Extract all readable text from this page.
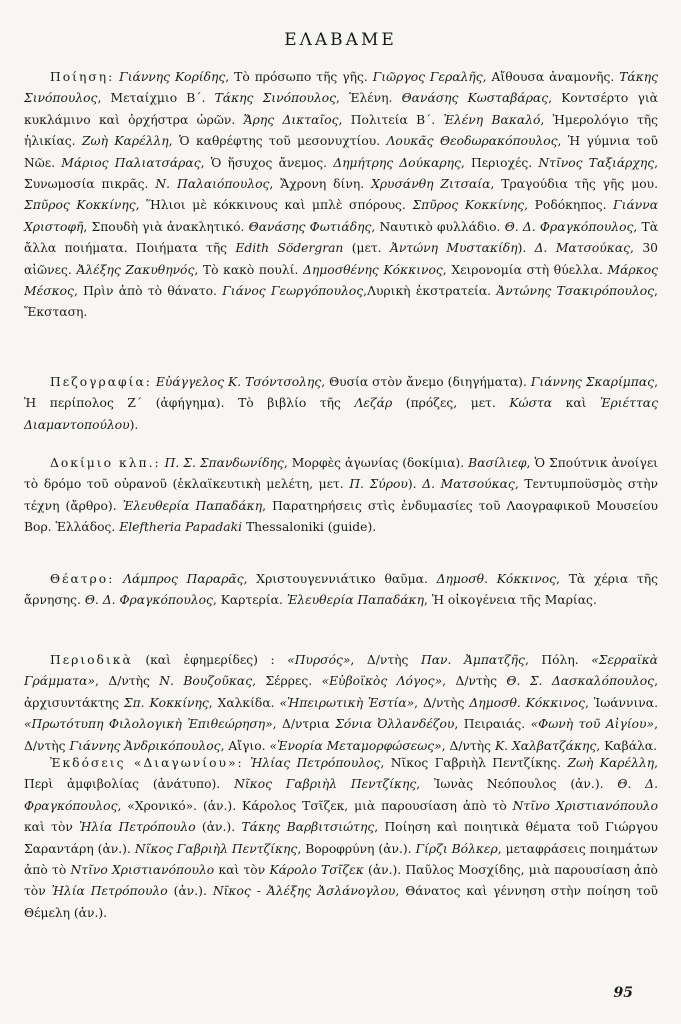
ΕΛΑΒΑΜΕ
Ποίηση: Γιάννης Κορίδης, Τὸ πρόσωπο τῆς γῆς. Γιῶργος Γεραλῆς, Αἴθουσα ἀναμονῆς. Τάκης Σινόπουλος, Μεταίχμιο Β΄. Τάκης Σινόπουλος, Ἑλένη. Θανάσης Κωσταβάρας, Κοντσέρτο γιὰ κυκλάμινο καὶ ὀρχήστρα ὡρῶν. Ἄρης Δικταῖος, Πολιτεία Β΄. Ἑλένη Βακαλό, Ἡμερολόγιο τῆς ἡλικίας. Ζωὴ Καρέλλη, Ὁ καθρέφτης τοῦ μεσονυχτίου. Λουκᾶς Θεοδωρακόπουλος, Ἡ γύμνια τοῦ Νῶε. Μάριος Παλιατσάρας, Ὁ ἥσυχος ἄνεμος. Δημήτρης Δούκαρης, Περιοχές. Ντῖνος Ταξιάρχης, Συνωμοσία πικρᾶς. Ν. Παλαιόπουλος, Ἄχρονη δίνη. Χρυσάνθη Ζιτσαία, Τραγούδια τῆς γῆς μου. Σπῦρος Κοκκίνης, Ἥλιοι μὲ κόκκινους καὶ μπλὲ σπόρους. Σπῦρος Κοκκίνης, Ροδόκηπος. Γιάννα Χριστοφῆ, Σπουδὴ γιὰ ἀνακλητικό. Θανάσης Φωτιάδης, Ναυτικὸ φυλλάδιο. Θ. Δ. Φραγκόπουλος, Τὰ ἄλλα ποιήματα. Ποιήματα τῆς Edith Södergran (μετ. Ἀντώνη Μυστακίδη). Δ. Ματσούκας, 30 αἰῶνες. Ἀλέξης Ζακυθηνός, Τὸ κακὸ πουλί. Δημοσθένης Κόκκινος, Χειρονομία στὴ θύελλα. Μάρκος Μέσκος, Πρὶν ἀπὸ τὸ θάνατο. Γιάνος Γεωργόπουλος,Λυρικὴ ἐκστρατεία. Ἀντώνης Τσακιρόπουλος, Ἔκσταση.
Πεζογραφία: Εὐάγγελος Κ. Τσόντσολης, Θυσία στὸν ἄνεμο (διηγήματα). Γιάννης Σκαρίμπας, Ἡ περίπολος Ζ΄ (ἀφήγημα). Τὸ βιβλίο τῆς Λεζάρ (πρόζες, μετ. Κώστα καὶ Ἐριέττας Διαμαντοπούλου).
Δοκίμιο κλπ.: Π. Σ. Σπανδωνίδης, Μορφὲς ἀγωνίας (δοκίμια). Βασίλιεφ, Ὁ Σπούτνικ ἀνοίγει τὸ δρόμο τοῦ οὐρανοῦ (ἐκλαϊκευτικὴ μελέτη, μετ. Π. Σύρου). Δ. Ματσούκας, Τεντυμποϋσμὸς στὴν τέχνη (ἄρθρο). Ἐλευθερία Παπαδάκη, Παρατηρήσεις στὶς ἐνδυμασίες τοῦ Λαογραφικοῦ Μουσείου Βορ. Ἑλλάδος. Eleftheria Papadaki Thessaloniki (guide).
Θέατρο: Λάμπρος Παραρᾶς, Χριστουγεννιάτικο θαῦμα. Δημοσθ. Κόκκινος, Τὰ χέρια τῆς ἄρνησης. Θ. Δ. Φραγκόπουλος, Καρτερία. Ἐλευθερία Παπαδάκη, Ἡ οἰκογένεια τῆς Μαρίας.
Περιοδικὰ (καὶ ἐφημερίδες) : «Πυρσός», Δ/ντὴς Παν. Ἀμπατζῆς, Πόλη. «Σερραϊκὰ Γράμματα», Δ/ντὴς Ν. Βουζοῦκας, Σέρρες. «Εὐβοϊκὸς Λόγος», Δ/ντὴς Θ. Σ. Δασκαλόπουλος, ἀρχισυντάκτης Σπ. Κοκκίνης, Χαλκίδα. «Ἠπειρωτικὴ Ἑστία», Δ/ντὴς Δημοσθ. Κόκκινος, Ἰωάννινα. «Πρωτότυπη Φιλολογικὴ Ἐπιθεώρηση», Δ/ντρια Σόνια Ὀλλανδέζου, Πειραιάς. «Φωνὴ τοῦ Αἰγίου», Δ/ντὴς Γιάννης Ἀνδρικόπουλος, Αἴγιο. «Ἐνορία Μεταμορφώσεως», Δ/ντὴς Κ. Χαλβατζάκης, Καβάλα.
Ἐκδόσεις «Διαγωνίου»: Ἠλίας Πετρόπουλος, Νῖκος Γαβριὴλ Πεντζίκης. Ζωὴ Καρέλλη, Περὶ ἀμφιβολίας (ἀνάτυπο). Νῖκος Γαβριὴλ Πεντζίκης, Ἰωνὰς Νεόπουλος (ἀν.). Θ. Δ. Φραγκόπουλος, «Χρονικό». (ἀν.). Κάρολος Τσῖζεκ, μιὰ παρουσίαση ἀπὸ τὸ Ντῖνο Χριστιανόπουλο καὶ τὸν Ἠλία Πετρόπουλο (ἀν.). Τάκης Βαρβιτσιώτης, Ποίηση καὶ ποιητικὰ θέματα τοῦ Γιώργου Σαραντάρη (ἀν.). Νῖκος Γαβριὴλ Πεντζίκης, Βοροφρύνη (ἀν.). Γίρζι Βόλκερ, μεταφράσεις ποιημάτων ἀπὸ τὸ Ντῖνο Χριστιανόπουλο καὶ τὸν Κάρολο Τσῖζεκ (ἀν.). Παῦλος Μοσχίδης, μιὰ παρουσίαση ἀπὸ τὸν Ἠλία Πετρόπουλο (ἀν.). Νῖκος - Ἀλέξης Ἀσλάνογλου, Θάνατος καὶ γέννηση στὴν ποίηση τοῦ Θέμελη (ἀν.).
95
